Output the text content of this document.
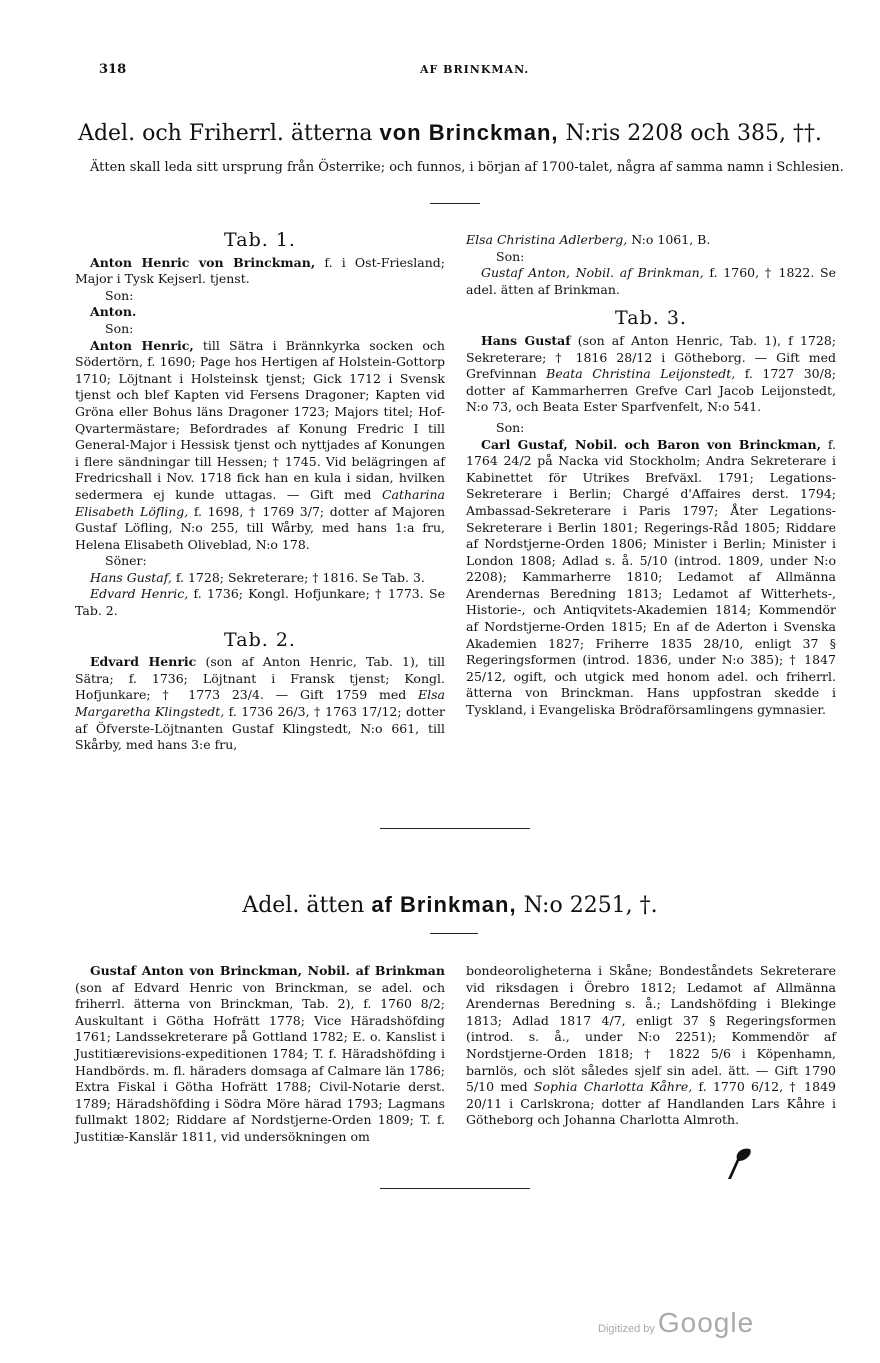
318	AF BRINKMAN.
Adel. och Friherrl. ätterna von Brinckman, N:ris 2208 och 385, ††.
Ätten skall leda sitt ursprung från Österrike; och funnos, i början af 1700-talet, några af samma namn i Schlesien.
Tab. 1.

Anton Henric von Brinckman, f. i Ost-Friesland; Major i Tysk Kejserl. tjenst.

Son:

Anton.

Son:

Anton Henric, till Sätra i Brännkyrka socken och Södertörn, f. 1690; Page hos Hertigen af Holstein-Gottorp 1710; Löjtnant i Holsteinsk tjenst; Gick 1712 i Svensk tjenst och blef Kapten vid Fersens Dragoner; Kapten vid Gröna eller Bohus läns Dragoner 1723; Majors titel; Hof-Qvartermästare; Befordrades af Konung Fredric I till General-Major i Hessisk tjenst och nyttjades af Konungen i flere sändningar till Hessen; † 1745. Vid belägringen af Fredricshall i Nov. 1718 fick han en kula i sidan, hvilken sedermera ej kunde uttagas. — Gift med Catharina Elisabeth Löfling, f. 1698, † 1769 3/7; dotter af Majoren Gustaf Löfling, N:o 255, till Wårby, med hans 1:a fru, Helena Elisabeth Oliveblad, N:o 178.

Söner:

Hans Gustaf, f. 1728; Sekreterare; † 1816. Se Tab. 3.

Edvard Henric, f. 1736; Kongl. Hofjunkare; † 1773. Se Tab. 2.

Tab. 2.

Edvard Henric (son af Anton Henric, Tab. 1), till Sätra; f. 1736; Löjtnant i Fransk tjenst; Kongl. Hofjunkare; † 1773 23/4. — Gift 1759 med Elsa Margaretha Klingstedt, f. 1736 26/3, † 1763 17/12; dotter af Öfverste-Löjtnanten Gustaf Klingstedt, N:o 661, till Skårby, med hans 3:e fru,

Elsa Christina Adlerberg, N:o 1061, B.

Son:

Gustaf Anton, Nobil. af Brinkman, f. 1760, † 1822. Se adel. ätten af Brinkman.

Tab. 3.

Hans Gustaf (son af Anton Henric, Tab. 1), f 1728; Sekreterare; † 1816 28/12 i Götheborg. — Gift med Grefvinnan Beata Christina Leijonstedt, f. 1727 30/8; dotter af Kammarherren Grefve Carl Jacob Leijonstedt, N:o 73, och Beata Ester Sparfvenfelt, N:o 541.

Son:

Carl Gustaf, Nobil. och Baron von Brinckman, f. 1764 24/2 på Nacka vid Stockholm; Andra Sekreterare i Kabinettet för Utrikes Brefväxl. 1791; Legations-Sekreterare i Berlin; Chargé d'Affaires derst. 1794; Ambassad-Sekreterare i Paris 1797; Åter Legations-Sekreterare i Berlin 1801; Regerings-Råd 1805; Riddare af Nordstjerne-Orden 1806; Minister i Berlin; Minister i London 1808; Adlad s. å. 5/10 (introd. 1809, under N:o 2208); Kammarherre 1810; Ledamot af Allmänna Arendernas Beredning 1813; Ledamot af Witterhets-, Historie-, och Antiqvitets-Akademien 1814; Kommendör af Nordstjerne-Orden 1815; En af de Aderton i Svenska Akademien 1827; Friherre 1835 28/10, enligt 37 § Regeringsformen (introd. 1836, under N:o 385); † 1847 25/12, ogift, och utgick med honom adel. och friherrl. ätterna von Brinckman. Hans uppfostran skedde i Tyskland, i Evangeliska Brödraförsamlingens gymnasier.

Adel. ätten af Brinkman, N:o 2251, †.

Gustaf Anton von Brinckman, Nobil. af Brinkman (son af Edvard Henric von Brinckman, se adel. och friherrl. ätterna von Brinckman, Tab. 2), f. 1760 8/2; Auskultant i Götha Hofrätt 1778; Vice Häradshöfding 1761; Landssekreterare på Gottland 1782; E. o. Kanslist i Justitiærevisions-expeditionen 1784; T. f. Häradshöfding i Handbörds. m. fl. häraders domsaga af Calmare län 1786; Extra Fiskal i Götha Hofrätt 1788; Civil-Notarie derst. 1789; Häradshöfding i Södra Möre härad 1793; Lagmans fullmakt 1802; Riddare af Nordstjerne-Orden 1809; T. f. Justitiæ-Kanslär 1811, vid undersökningen om

bondeoroligheterna i Skåne; Bondeståndets Sekreterare vid riksdagen i Örebro 1812; Ledamot af Allmänna Arendernas Beredning s. å.; Landshöfding i Blekinge 1813; Adlad 1817 4/7, enligt 37 § Regeringsformen (introd. s. å., under N:o 2251); Kommendör af Nordstjerne-Orden 1818; † 1822 5/6 i Köpenhamn, barnlös, och slöt således sjelf sin adel. ätt. — Gift 1790 5/10 med Sophia Charlotta Kåhre, f. 1770 6/12, † 1849 20/11 i Carlskrona; dotter af Handlanden Lars Kåhre i Götheborg och Johanna Charlotta Almroth.

Digitized by Google
